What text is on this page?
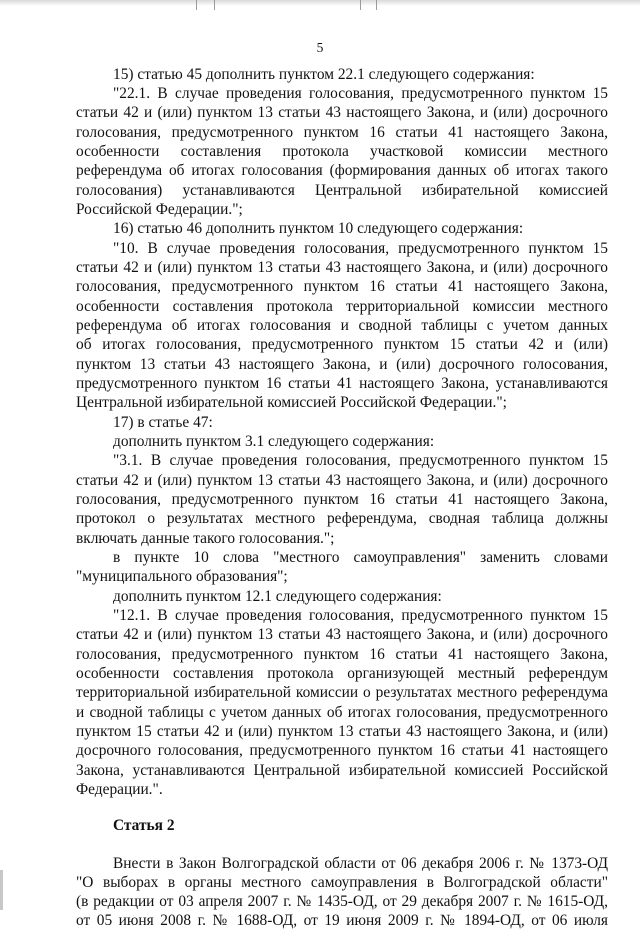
5
15) статью 45 дополнить пунктом 22.1 следующего содержания:
"22.1. В случае проведения голосования, предусмотренного пунктом 15
статьи 42 и (или) пунктом 13 статьи 43 настоящего Закона, и (или) досрочного
голосования, предусмотренного пунктом 16 статьи 41 настоящего Закона,
особенности составления протокола участковой комиссии местного
референдума об итогах голосования (формирования данных об итогах такого
голосования) устанавливаются Центральной избирательной комиссией
Российской Федерации.";
16) статью 46 дополнить пунктом 10 следующего содержания:
"10. В случае проведения голосования, предусмотренного пунктом 15
статьи 42 и (или) пунктом 13 статьи 43 настоящего Закона, и (или) досрочного
голосования, предусмотренного пунктом 16 статьи 41 настоящего Закона,
особенности составления протокола территориальной комиссии местного
референдума об итогах голосования и сводной таблицы с учетом данных
об итогах голосования, предусмотренного пунктом 15 статьи 42 и (или)
пунктом 13 статьи 43 настоящего Закона, и (или) досрочного голосования,
предусмотренного пунктом 16 статьи 41 настоящего Закона, устанавливаются
Центральной избирательной комиссией Российской Федерации.";
17) в статье 47:
дополнить пунктом 3.1 следующего содержания:
"3.1. В случае проведения голосования, предусмотренного пунктом 15
статьи 42 и (или) пунктом 13 статьи 43 настоящего Закона, и (или) досрочного
голосования, предусмотренного пунктом 16 статьи 41 настоящего Закона,
протокол о результатах местного референдума, сводная таблица должны
включать данные такого голосования.";
в пункте 10 слова "местного самоуправления" заменить словами
"муниципального образования";
дополнить пунктом 12.1 следующего содержания:
"12.1. В случае проведения голосования, предусмотренного пунктом 15
статьи 42 и (или) пунктом 13 статьи 43 настоящего Закона, и (или) досрочного
голосования, предусмотренного пунктом 16 статьи 41 настоящего Закона,
особенности составления протокола организующей местный референдум
территориальной избирательной комиссии о результатах местного референдума
и сводной таблицы с учетом данных об итогах голосования, предусмотренного
пунктом 15 статьи 42 и (или) пунктом 13 статьи 43 настоящего Закона, и (или)
досрочного голосования, предусмотренного пунктом 16 статьи 41 настоящего
Закона, устанавливаются Центральной избирательной комиссией Российской
Федерации.".
Статья 2
Внести в Закон Волгоградской области от 06 декабря 2006 г. № 1373-ОД
"О выборах в органы местного самоуправления в Волгоградской области"
(в редакции от 03 апреля 2007 г. № 1435-ОД, от 29 декабря 2007 г. № 1615-ОД,
от 05 июня 2008 г. № 1688-ОД, от 19 июня 2009 г. № 1894-ОД, от 06 июля
